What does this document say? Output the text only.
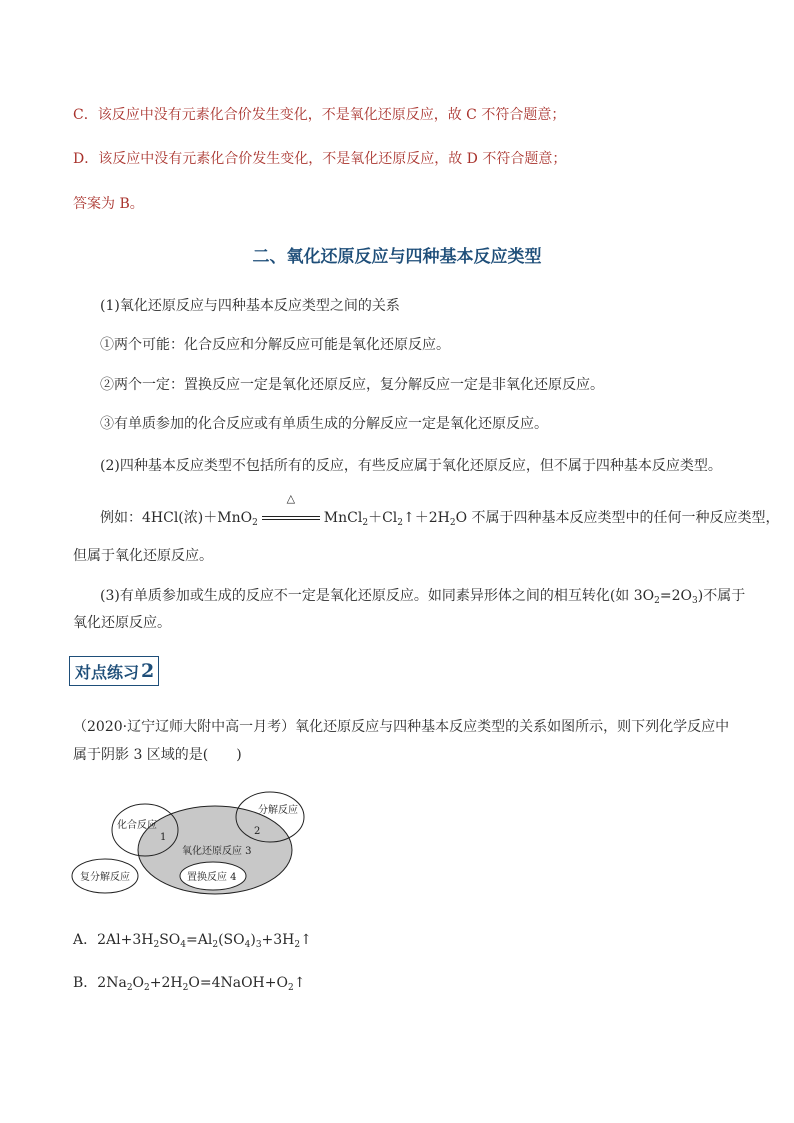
C．该反应中没有元素化合价发生变化，不是氧化还原反应，故 C 不符合题意；
D．该反应中没有元素化合价发生变化，不是氧化还原反应，故 D 不符合题意；
答案为 B。
二、氧化还原反应与四种基本反应类型
(1)氧化还原反应与四种基本反应类型之间的关系
①两个可能：化合反应和分解反应可能是氧化还原反应。
②两个一定：置换反应一定是氧化还原反应，复分解反应一定是非氧化还原反应。
③有单质参加的化合反应或有单质生成的分解反应一定是氧化还原反应。
(2)四种基本反应类型不包括所有的反应，有些反应属于氧化还原反应，但不属于四种基本反应类型。
例如：4HCl(浓)＋MnO$_2$
△
$MnCl_2+Cl_2↑+2H_2O$ 不属于四种基本反应类型中的任何一种反应类型，
但属于氧化还原反应。
(3)有单质参加或生成的反应不一定是氧化还原反应。如同素异形体之间的相互转化(如 $3O_2=2O_3$)不属于
氧化还原反应。
对点练习 2
（2020·辽宁辽师大附中高一月考）氧化还原反应与四种基本反应类型的关系如图所示，则下列化学反应中
属于阴影 3 区域的是(　　)
化合反应
1
分解反应
2
氧化还原反应 3
置换反应 4
复分解反应
A．$2Al+3H_2SO_4=Al_2(SO_4)_3+3H_2↑$
B．$2Na_2O_2+2H_2O=4NaOH+O_2↑$
